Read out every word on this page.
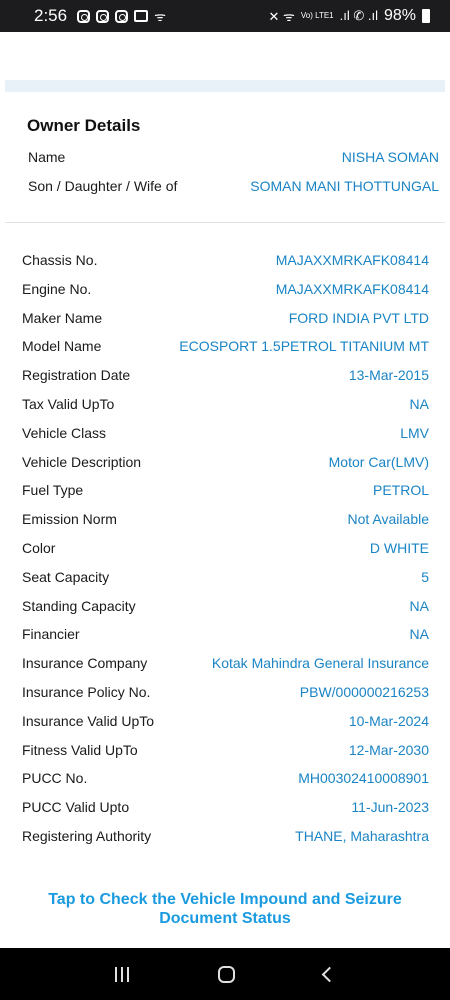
2:56	ᯤ	✕ ᯤ Vo) LTE1 .ıl ✆ .ıl 98%
Owner Details
Name	NISHA SOMAN
Son / Daughter / Wife of	SOMAN MANI THOTTUNGAL
Chassis No.	MAJAXXMRKAFK08414
Engine No.	MAJAXXMRKAFK08414
Maker Name	FORD INDIA PVT LTD
Model Name	ECOSPORT 1.5PETROL TITANIUM MT
Registration Date	13-Mar-2015
Tax Valid UpTo	NA
Vehicle Class	LMV
Vehicle Description	Motor Car(LMV)
Fuel Type	PETROL
Emission Norm	Not Available
Color	D WHITE
Seat Capacity	5
Standing Capacity	NA
Financier	NA
Insurance Company	Kotak Mahindra General Insurance
Insurance Policy No.	PBW/000000216253
Insurance Valid UpTo	10-Mar-2024
Fitness Valid UpTo	12-Mar-2030
PUCC No.	MH00302410008901
PUCC Valid Upto	11-Jun-2023
Registering Authority	THANE, Maharashtra
Tap to Check the Vehicle Impound and Seizure Document Status
